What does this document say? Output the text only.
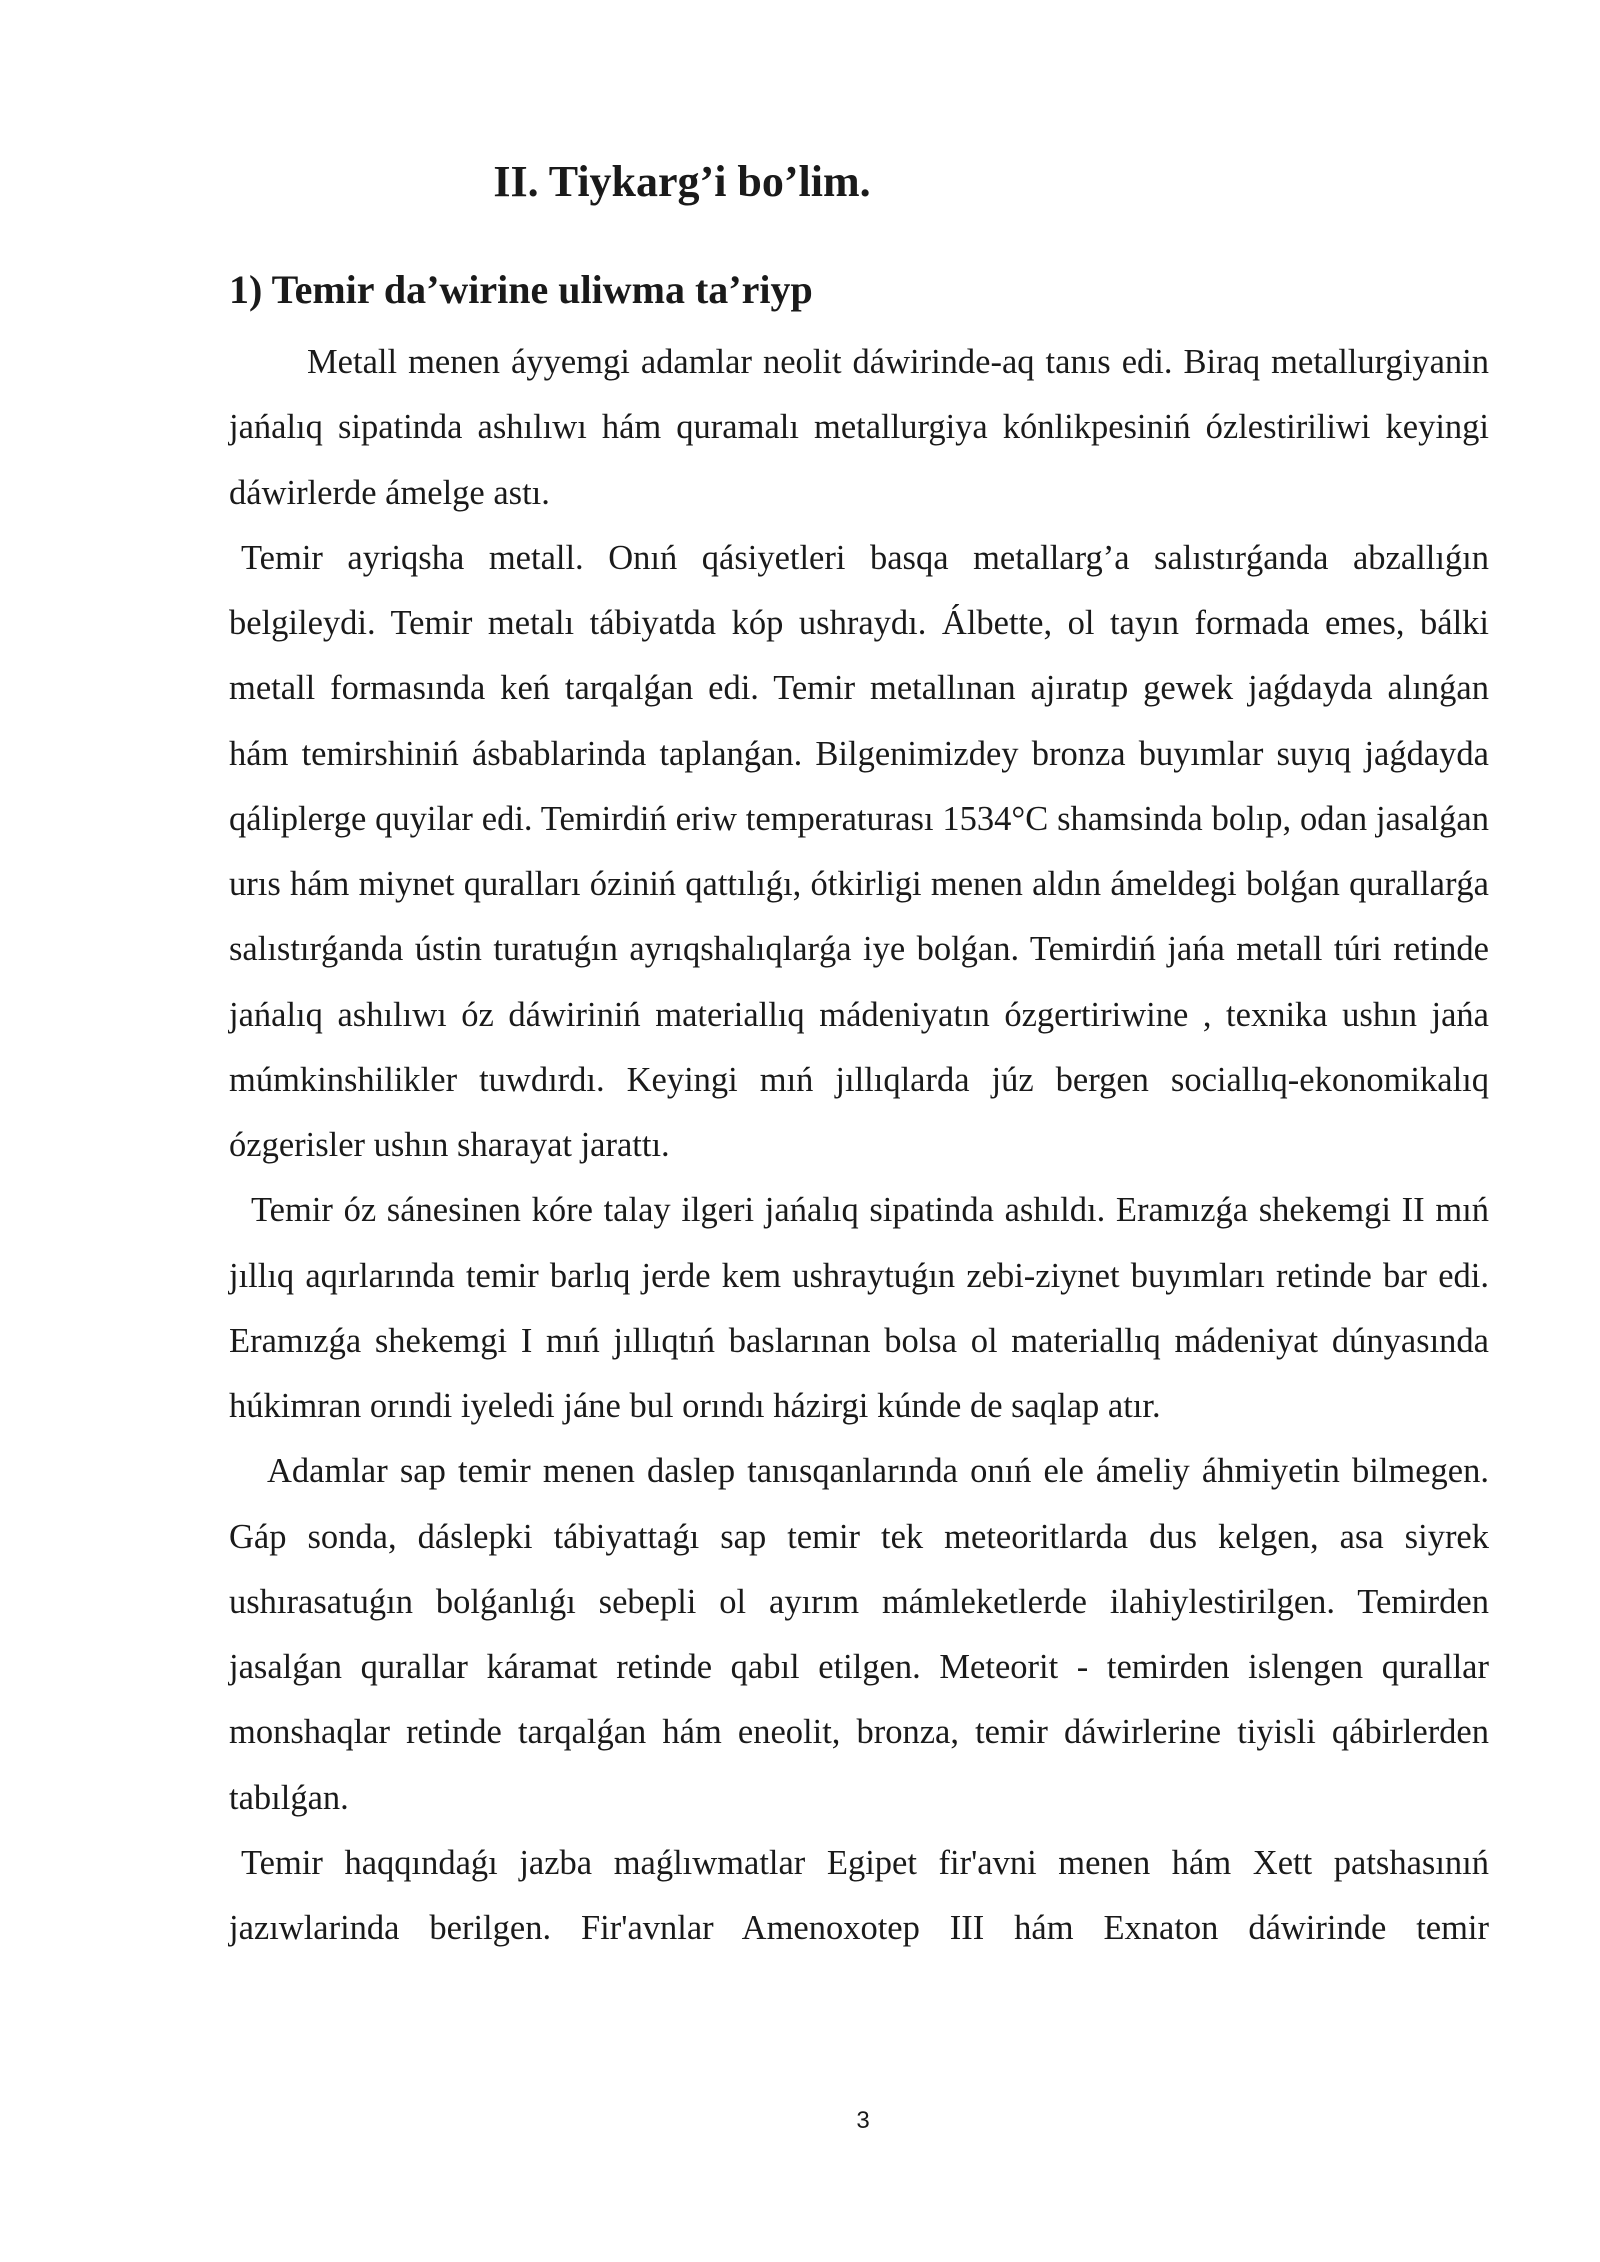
II. Tiykarg’i bo’lim.
1) Temir da’wirine uliwma ta’riyp

Metall menen áyyemgi adamlar neolit dáwirinde-aq tanıs edi. Biraq metallurgiyanin jańalıq sipatinda ashılıwı hám quramalı metallurgiya kónlikpesiniń ózlestiriliwi keyingi dáwirlerde ámelge astı.

Temir ayriqsha metall. Onıń qásiyetleri basqa metallarg’a salıstırǵanda abzallıǵın belgileydi. Temir metalı tábiyatda kóp ushraydı. Álbette, ol tayın formada emes, bálki metall formasında keń tarqalǵan edi. Temir metallınan ajıratıp gewek jaǵdayda alınǵan hám temirshiniń ásbablarinda taplanǵan. Bilgenimizdey bronza buyımlar suyıq jaǵdayda qáliplerge quyilar edi. Temirdiń eriw temperaturası 1534°C shamsinda bolıp, odan jasalǵan urıs hám miynet quralları óziniń qattılıǵı, ótkirligi menen aldın ámeldegi bolǵan qurallarǵa salıstırǵanda ústin turatuǵın ayrıqshalıqlarǵa iye bolǵan. Temirdiń jańa metall túri retinde jańalıq ashılıwı óz dáwiriniń materiallıq mádeniyatın ózgertiriwine , texnika ushın jańa múmkinshilikler tuwdırdı. Keyingi mıń jıllıqlarda júz bergen sociallıq-ekonomikalıq ózgerisler ushın sharayat jarattı.

Temir óz sánesinen kóre talay ilgeri jańalıq sipatinda ashıldı. Eramızǵa shekemgi II mıń jıllıq aqırlarında temir barlıq jerde kem ushraytuǵın zebi-ziynet buyımları retinde bar edi. Eramızǵa shekemgi I mıń jıllıqtıń baslarınan bolsa ol materiallıq mádeniyat dúnyasında húkimran orındi iyeledi jáne bul orındı házirgi kúnde de saqlap atır.

Adamlar sap temir menen daslep tanısqanlarında onıń ele ámeliy áhmiyetin bilmegen. Gáp sonda, dáslepki tábiyattaǵı sap temir tek meteoritlarda dus kelgen, asa siyrek ushırasatuǵın bolǵanlıǵı sebepli ol ayırım mámleketlerde ilahiylestirilgen. Temirden jasalǵan qurallar káramat retinde qabıl etilgen. Meteorit - temirden islengen qurallar monshaqlar retinde tarqalǵan hám eneolit, bronza, temir dáwirlerine tiyisli qábirlerden tabılǵan.

Temir haqqındaǵı jazba maǵlıwmatlar Egipet fir'avni menen hám Xett patshasınıń jazıwlarinda berilgen. Fir'avnlar Amenoxotep III hám Exnaton dáwirinde temir

3
